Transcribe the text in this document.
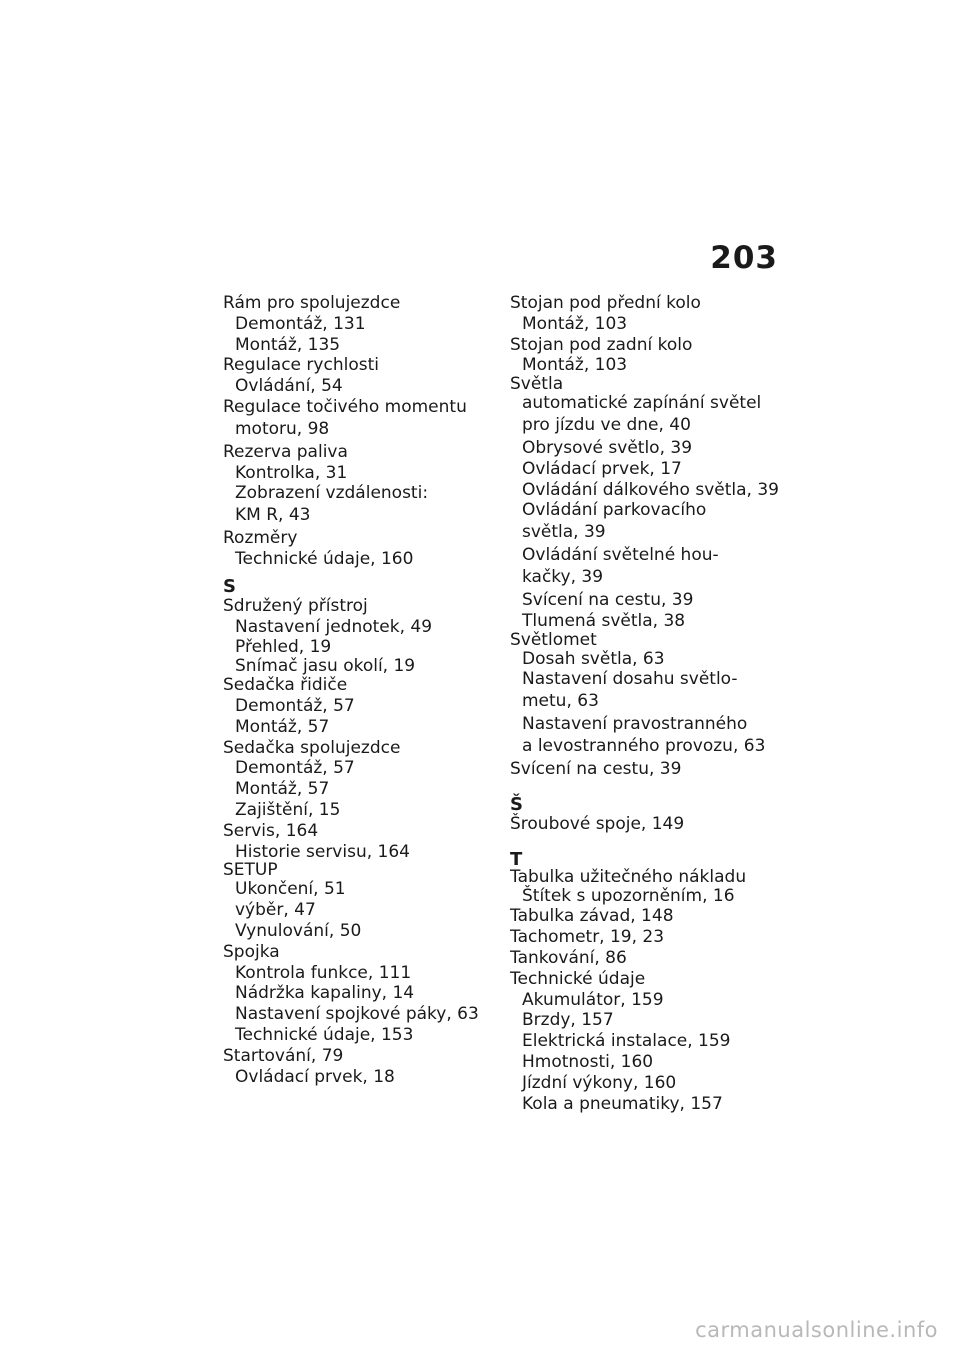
203
Rám pro spolujezdce
Demontáž, 131
Montáž, 135
Regulace rychlosti
Ovládání, 54
Regulace točivého momentu
motoru, 98
Rezerva paliva
Kontrolka, 31
Zobrazení vzdálenosti:
KM R, 43
Rozměry
Technické údaje, 160
S
Sdružený přístroj
Nastavení jednotek, 49
Přehled, 19
Snímač jasu okolí, 19
Sedačka řidiče
Demontáž, 57
Montáž, 57
Sedačka spolujezdce
Demontáž, 57
Montáž, 57
Zajištění, 15
Servis, 164
Historie servisu, 164
SETUP
Ukončení, 51
výběr, 47
Vynulování, 50
Spojka
Kontrola funkce, 111
Nádržka kapaliny, 14
Nastavení spojkové páky, 63
Technické údaje, 153
Startování, 79
Ovládací prvek, 18
Stojan pod přední kolo
Montáž, 103
Stojan pod zadní kolo
Montáž, 103
Světla
automatické zapínání světel
pro jízdu ve dne, 40
Obrysové světlo, 39
Ovládací prvek, 17
Ovládání dálkového světla, 39
Ovládání parkovacího
světla, 39
Ovládání světelné hou-
kačky, 39
Svícení na cestu, 39
Tlumená světla, 38
Světlomet
Dosah světla, 63
Nastavení dosahu světlo-
metu, 63
Nastavení pravostranného
a levostranného provozu, 63
Svícení na cestu, 39
Š
Šroubové spoje, 149
T
Tabulka užitečného nákladu
Štítek s upozorněním, 16
Tabulka závad, 148
Tachometr, 19, 23
Tankování, 86
Technické údaje
Akumulátor, 159
Brzdy, 157
Elektrická instalace, 159
Hmotnosti, 160
Jízdní výkony, 160
Kola a pneumatiky, 157
carmanualsonline.info
